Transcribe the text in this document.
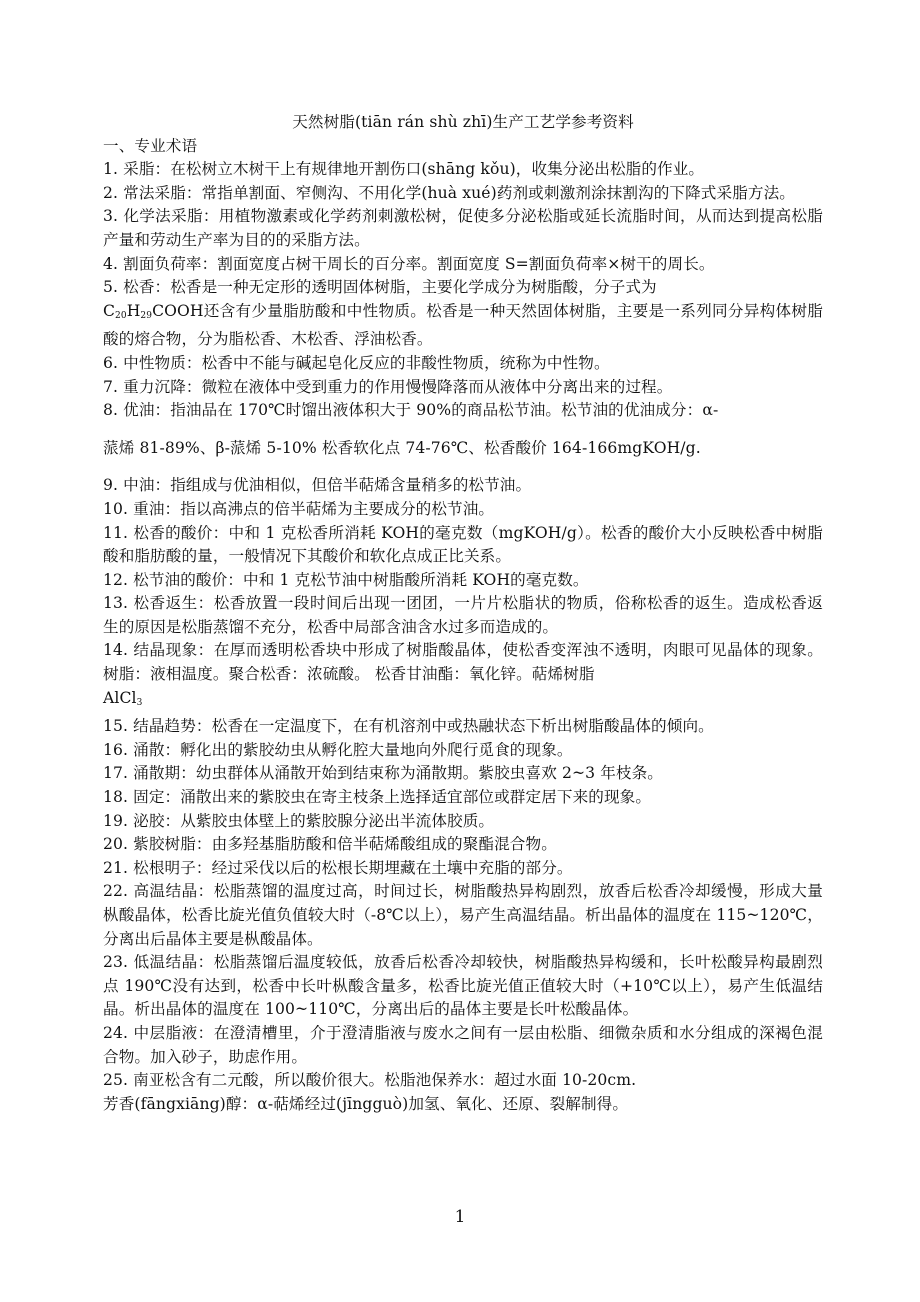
天然树脂(tiān rán shù zhī)生产工艺学参考资料

一、专业术语

1. 采脂：在松树立木树干上有规律地开割伤口(shāng kǒu)，收集分泌出松脂的作业。

2. 常法采脂：常指单割面、窄侧沟、不用化学(huà xué)药剂或刺激剂涂抹割沟的下降式采脂方法。

3. 化学法采脂：用植物激素或化学药剂刺激松树，促使多分泌松脂或延长流脂时间，从而达到提高松脂产量和劳动生产率为目的的采脂方法。

4. 割面负荷率：割面宽度占树干周长的百分率。割面宽度 S=割面负荷率×树干的周长。

5. 松香：松香是一种无定形的透明固体树脂，主要化学成分为树脂酸，分子式为

$C_{20}H_{29}COOH$还含有少量脂肪酸和中性物质。松香是一种天然固体树脂，主要是一系列同分异构体树脂酸的熔合物，分为脂松香、木松香、浮油松香。

6. 中性物质：松香中不能与碱起皂化反应的非酸性物质，统称为中性物。

7. 重力沉降：微粒在液体中受到重力的作用慢慢降落而从液体中分离出来的过程。

8. 优油：指油品在 170℃时馏出液体积大于 90%的商品松节油。松节油的优油成分：α-

蒎烯 81-89%、β-蒎烯 5-10% 松香软化点 74-76℃、松香酸价 164-166mgKOH/g.

9. 中油：指组成与优油相似，但倍半萜烯含量稍多的松节油。

10. 重油：指以高沸点的倍半萜烯为主要成分的松节油。

11. 松香的酸价：中和 1 克松香所消耗 KOH的毫克数（mgKOH/g）。松香的酸价大小反映松香中树脂酸和脂肪酸的量，一般情况下其酸价和软化点成正比关系。

12. 松节油的酸价：中和 1 克松节油中树脂酸所消耗 KOH的毫克数。

13. 松香返生：松香放置一段时间后出现一团团，一片片松脂状的物质，俗称松香的返生。造成松香返生的原因是松脂蒸馏不充分，松香中局部含油含水过多而造成的。

14. 结晶现象：在厚而透明松香块中形成了树脂酸晶体，使松香变浑浊不透明，肉眼可见晶体的现象。树脂：液相温度。聚合松香：浓硫酸。 松香甘油酯：氧化锌。萜烯树脂

AlCl$_3$

15. 结晶趋势：松香在一定温度下，在有机溶剂中或热融状态下析出树脂酸晶体的倾向。

16. 涌散：孵化出的紫胶幼虫从孵化腔大量地向外爬行觅食的现象。

17. 涌散期：幼虫群体从涌散开始到结束称为涌散期。紫胶虫喜欢 2~3 年枝条。

18. 固定：涌散出来的紫胶虫在寄主枝条上选择适宜部位或群定居下来的现象。

19. 泌胶：从紫胶虫体壁上的紫胶腺分泌出半流体胶质。

20. 紫胶树脂：由多羟基脂肪酸和倍半萜烯酸组成的聚酯混合物。

21. 松根明子：经过采伐以后的松根长期埋藏在土壤中充脂的部分。

22. 高温结晶：松脂蒸馏的温度过高，时间过长，树脂酸热异构剧烈，放香后松香冷却缓慢，形成大量枞酸晶体，松香比旋光值负值较大时（-8℃以上），易产生高温结晶。析出晶体的温度在 115~120℃，分离出后晶体主要是枞酸晶体。

23. 低温结晶：松脂蒸馏后温度较低，放香后松香冷却较快，树脂酸热异构缓和，长叶松酸异构最剧烈点 190℃没有达到，松香中长叶枞酸含量多，松香比旋光值正值较大时（+10℃以上），易产生低温结晶。析出晶体的温度在 100~110℃，分离出后的晶体主要是长叶松酸晶体。

24. 中层脂液：在澄清槽里，介于澄清脂液与废水之间有一层由松脂、细微杂质和水分组成的深褐色混合物。加入砂子，助虑作用。

25. 南亚松含有二元酸，所以酸价很大。松脂池保养水：超过水面 10-20cm.

芳香(fāngxiāng)醇：α-萜烯经过(jīngguò)加氢、氧化、还原、裂解制得。

1
